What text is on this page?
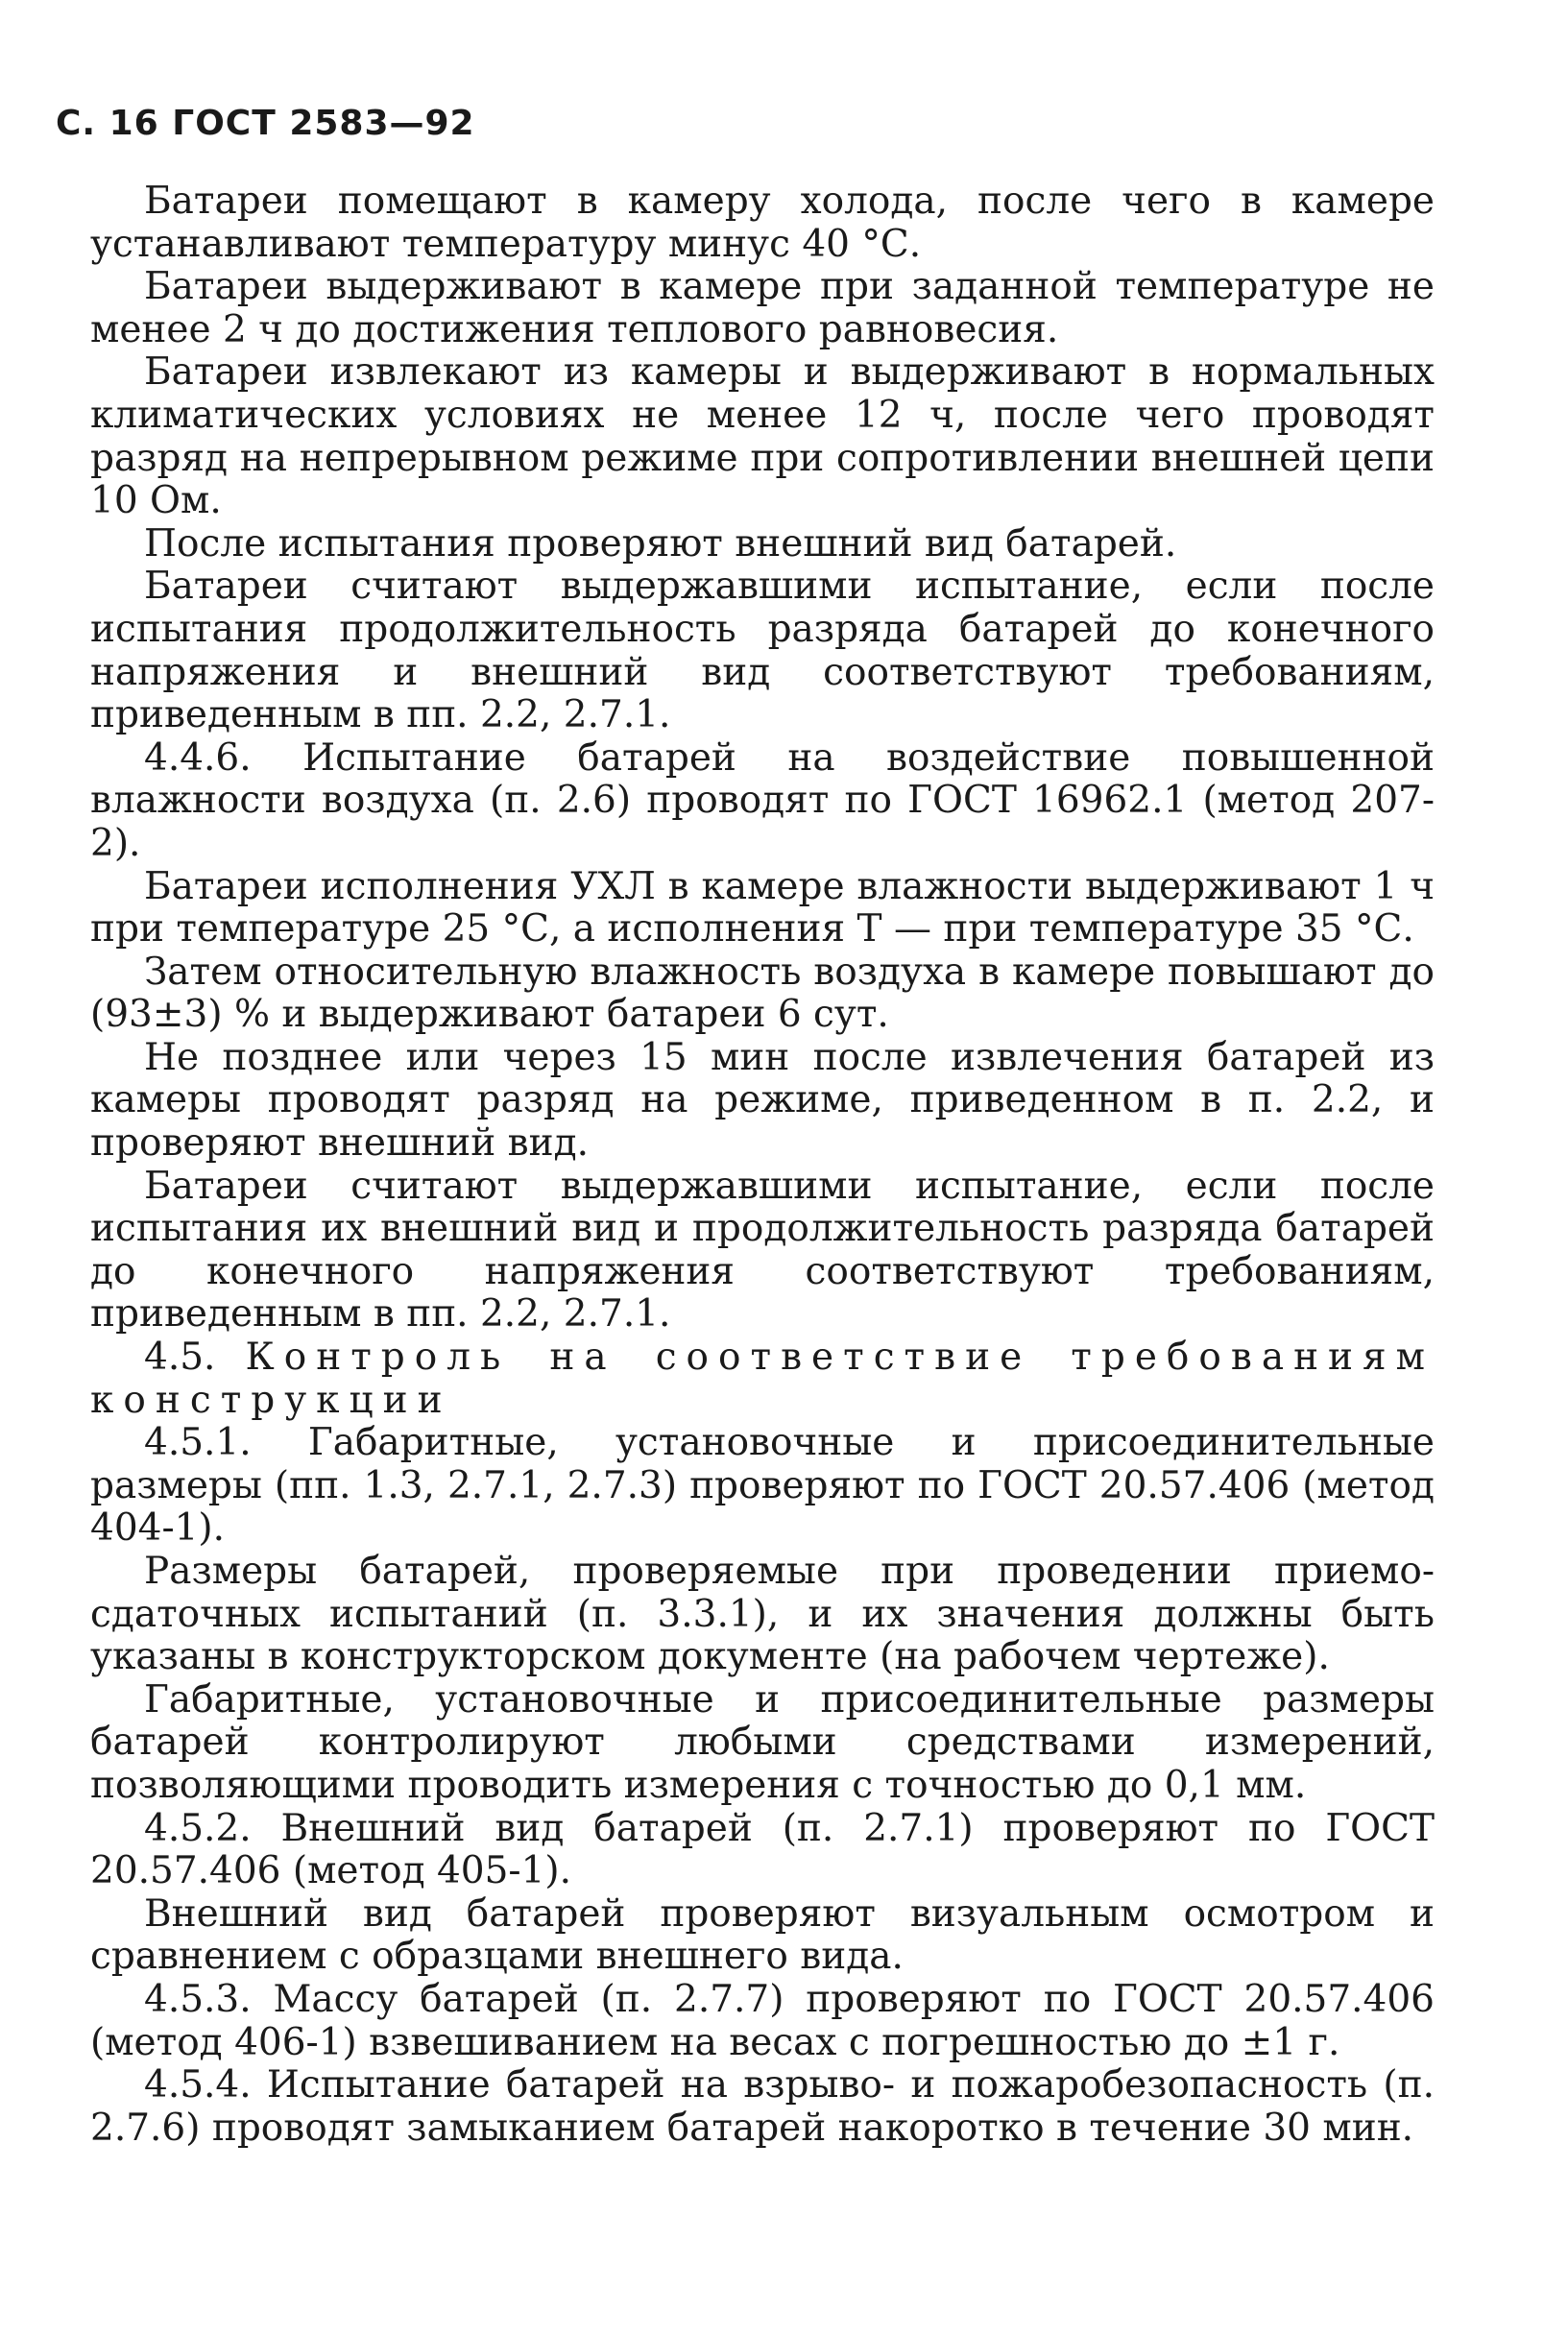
С. 16 ГОСТ 2583—92

Батареи помещают в камеру холода, после чего в камере устанавливают температуру минус 40 °С.

Батареи выдерживают в камере при заданной температуре не менее 2 ч до достижения теплового равновесия.

Батареи извлекают из камеры и выдерживают в нормальных климатических условиях не менее 12 ч, после чего проводят разряд на непрерывном режиме при сопротивлении внешней цепи 10 Ом.

После испытания проверяют внешний вид батарей.

Батареи считают выдержавшими испытание, если после испытания продолжительность разряда батарей до конечного напряжения и внешний вид соответствуют требованиям, приведенным в пп. 2.2, 2.7.1.

4.4.6. Испытание батарей на воздействие повышенной влажности воздуха (п. 2.6) проводят по ГОСТ 16962.1 (метод 207-2).

Батареи исполнения УХЛ в камере влажности выдерживают 1 ч при температуре 25 °С, а исполнения Т — при температуре 35 °С.

Затем относительную влажность воздуха в камере повышают до (93±3) % и выдерживают батареи 6 сут.

Не позднее или через 15 мин после извлечения батарей из камеры проводят разряд на режиме, приведенном в п. 2.2, и проверяют внешний вид.

Батареи считают выдержавшими испытание, если после испытания их внешний вид и продолжительность разряда батарей до конечного напряжения соответствуют требованиям, приведенным в пп. 2.2, 2.7.1.

4.5. Контроль на соответствие требованиям конструкции

4.5.1. Габаритные, установочные и присоединительные размеры (пп. 1.3, 2.7.1, 2.7.3) проверяют по ГОСТ 20.57.406 (метод 404-1).

Размеры батарей, проверяемые при проведении приемо-сдаточных испытаний (п. 3.3.1), и их значения должны быть указаны в конструкторском документе (на рабочем чертеже).

Габаритные, установочные и присоединительные размеры батарей контролируют любыми средствами измерений, позволяющими проводить измерения с точностью до 0,1 мм.

4.5.2. Внешний вид батарей (п. 2.7.1) проверяют по ГОСТ 20.57.406 (метод 405-1).

Внешний вид батарей проверяют визуальным осмотром и сравнением с образцами внешнего вида.

4.5.3. Массу батарей (п. 2.7.7) проверяют по ГОСТ 20.57.406 (метод 406-1) взвешиванием на весах с погрешностью до ±1 г.

4.5.4. Испытание батарей на взрыво- и пожаробезопасность (п. 2.7.6) проводят замыканием батарей накоротко в течение 30 мин.
